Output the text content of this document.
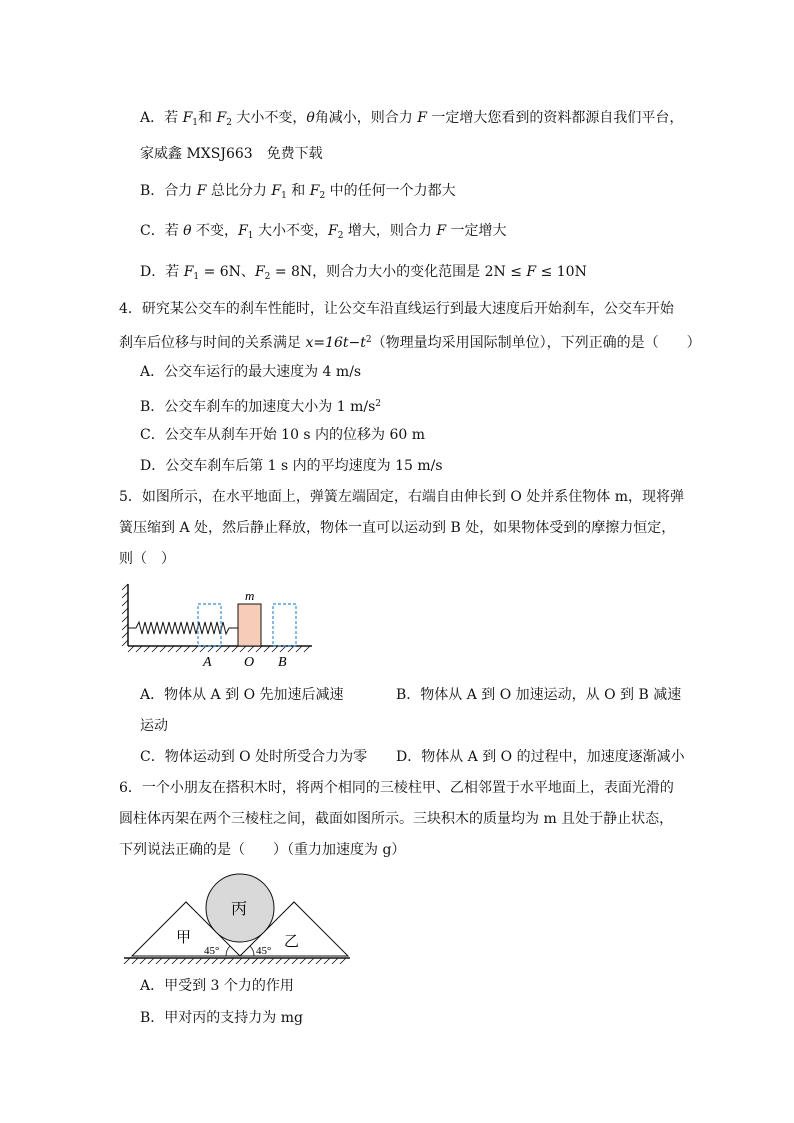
A．若 $F_1$和 $F_2$ 大小不变，θ角减小，则合力 F 一定增大您看到的资料都源自我们平台，
家威鑫 MXSJ663　免费下载
B．合力 F 总比分力 $F_1$ 和 $F_2$ 中的任何一个力都大
C．若 θ 不变，$F_1$ 大小不变，$F_2$ 增大，则合力 F 一定增大
D．若 $F_1 = 6N$、$F_2 = 8N$，则合力大小的变化范围是 2N ≤ F ≤ 10N
4．研究某公交车的刹车性能时，让公交车沿直线运行到最大速度后开始刹车，公交车开始
刹车后位移与时间的关系满足 $x=16t-t^2$（物理量均采用国际制单位），下列正确的是（　　）
A．公交车运行的最大速度为 4 m/s
B．公交车刹车的加速度大小为 1 $m/s^2$
C．公交车从刹车开始 10 s 内的位移为 60 m
D．公交车刹车后第 1 s 内的平均速度为 15 m/s
5．如图所示，在水平地面上，弹簧左端固定，右端自由伸长到 O 处并系住物体 m，现将弹
簧压缩到 A 处，然后静止释放，物体一直可以运动到 B 处，如果物体受到的摩擦力恒定，
则（　）
m
A O B
A．物体从 A 到 O 先加速后减速	B．物体从 A 到 O 加速运动，从 O 到 B 减速
运动
C．物体运动到 O 处时所受合力为零 D．物体从 A 到 O 的过程中，加速度逐渐减小
6．一个小朋友在搭积木时，将两个相同的三棱柱甲、乙相邻置于水平地面上，表面光滑的
圆柱体丙架在两个三棱柱之间，截面如图所示。三块积木的质量均为 m 且处于静止状态，
下列说法正确的是（　　）（重力加速度为 g）
丙
甲	乙
45°	45°
A．甲受到 3 个力的作用
B．甲对丙的支持力为 mg
